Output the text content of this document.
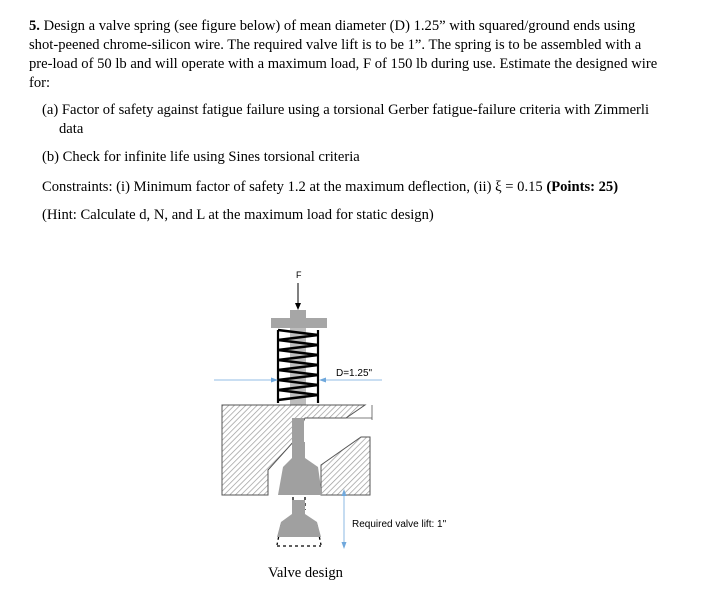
5. Design a valve spring (see figure below) of mean diameter (D) 1.25” with squared/ground ends using
shot-peened chrome-silicon wire. The required valve lift is to be 1”. The spring is to be assembled with a
pre-load of 50 lb and will operate with a maximum load, F of 150 lb during use. Estimate the designed wire
for:
(a) Factor of safety against fatigue failure using a torsional Gerber fatigue-failure criteria with Zimmerli
data
(b) Check for infinite life using Sines torsional criteria
Constraints: (i) Minimum factor of safety 1.2 at the maximum deflection, (ii) ξ = 0.15 (Points: 25)
(Hint: Calculate d, N, and L at the maximum load for static design)
F
D=1.25"
Required valve lift: 1"
Valve design
